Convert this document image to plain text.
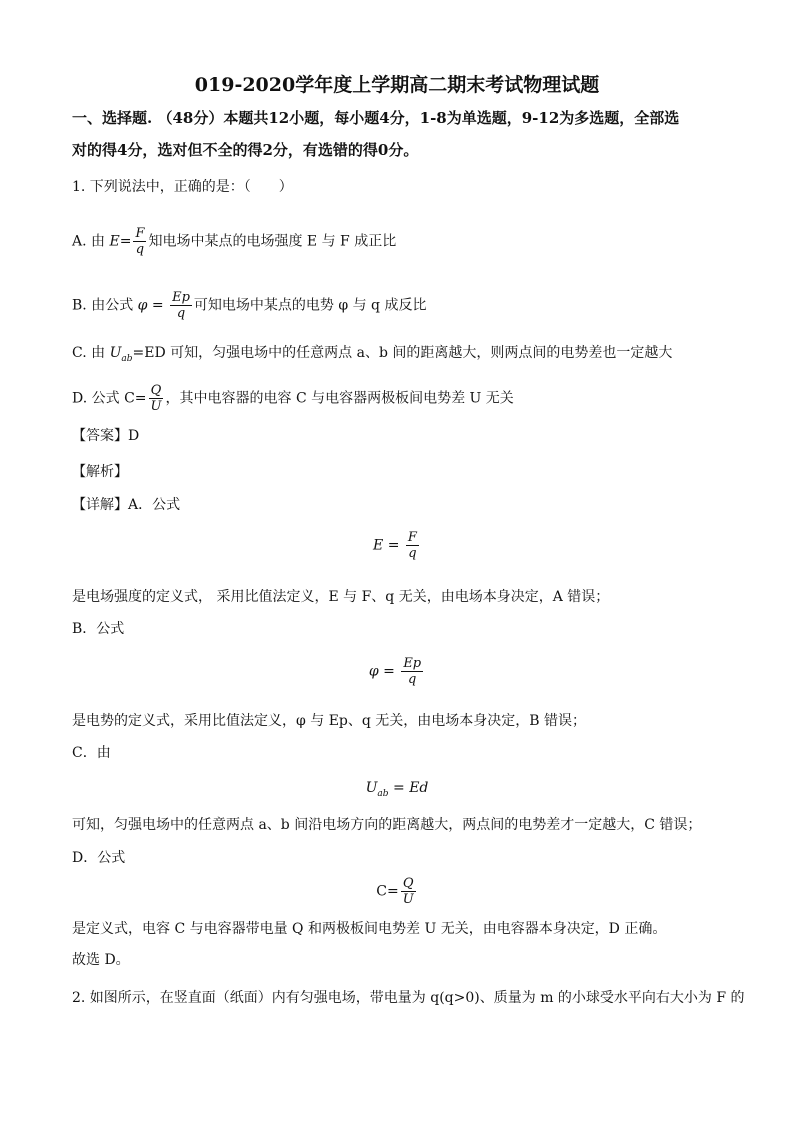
019-2020学年度上学期高二期末考试物理试题
一、选择题. （48分）本题共12小题，每小题4分，1-8为单选题，9-12为多选题，全部选
对的得4分，选对但不全的得2分，有选错的得0分。
1. 下列说法中，正确的是：（　　）
A. 由 $E= \frac{F}{q}$ 知电场中某点的电场强度 E 与 F 成正比
B. 由公式 $\varphi = \frac{Ep}{q}$ 可知电场中某点的电势 φ 与 q 成反比
C. 由 $U_{ab}=ED$ 可知，匀强电场中的任意两点 a、b 间的距离越大，则两点间的电势差也一定越大
D. 公式 $C= \frac{Q}{U}$ ，其中电容器的电容 C 与电容器两极板间电势差 U 无关
【答案】D
【解析】
【详解】A．公式
$E = \frac{F}{q}$
是电场强度的定义式， 采用比值法定义，E 与 F、q 无关，由电场本身决定，A 错误；
B．公式
$\varphi = \frac{Ep}{q}$
是电势的定义式，采用比值法定义，φ 与 Ep、q 无关，由电场本身决定，B 错误；
C．由
$U_{ab} = Ed$
可知，匀强电场中的任意两点 a、b 间沿电场方向的距离越大，两点间的电势差才一定越大，C 错误；
D．公式
$C= \frac{Q}{U}$
是定义式，电容 C 与电容器带电量 Q 和两极板间电势差 U 无关，由电容器本身决定，D 正确。
故选 D。
2. 如图所示，在竖直面（纸面）内有匀强电场，带电量为 q(q>0)、质量为 m 的小球受水平向右大小为 F 的
